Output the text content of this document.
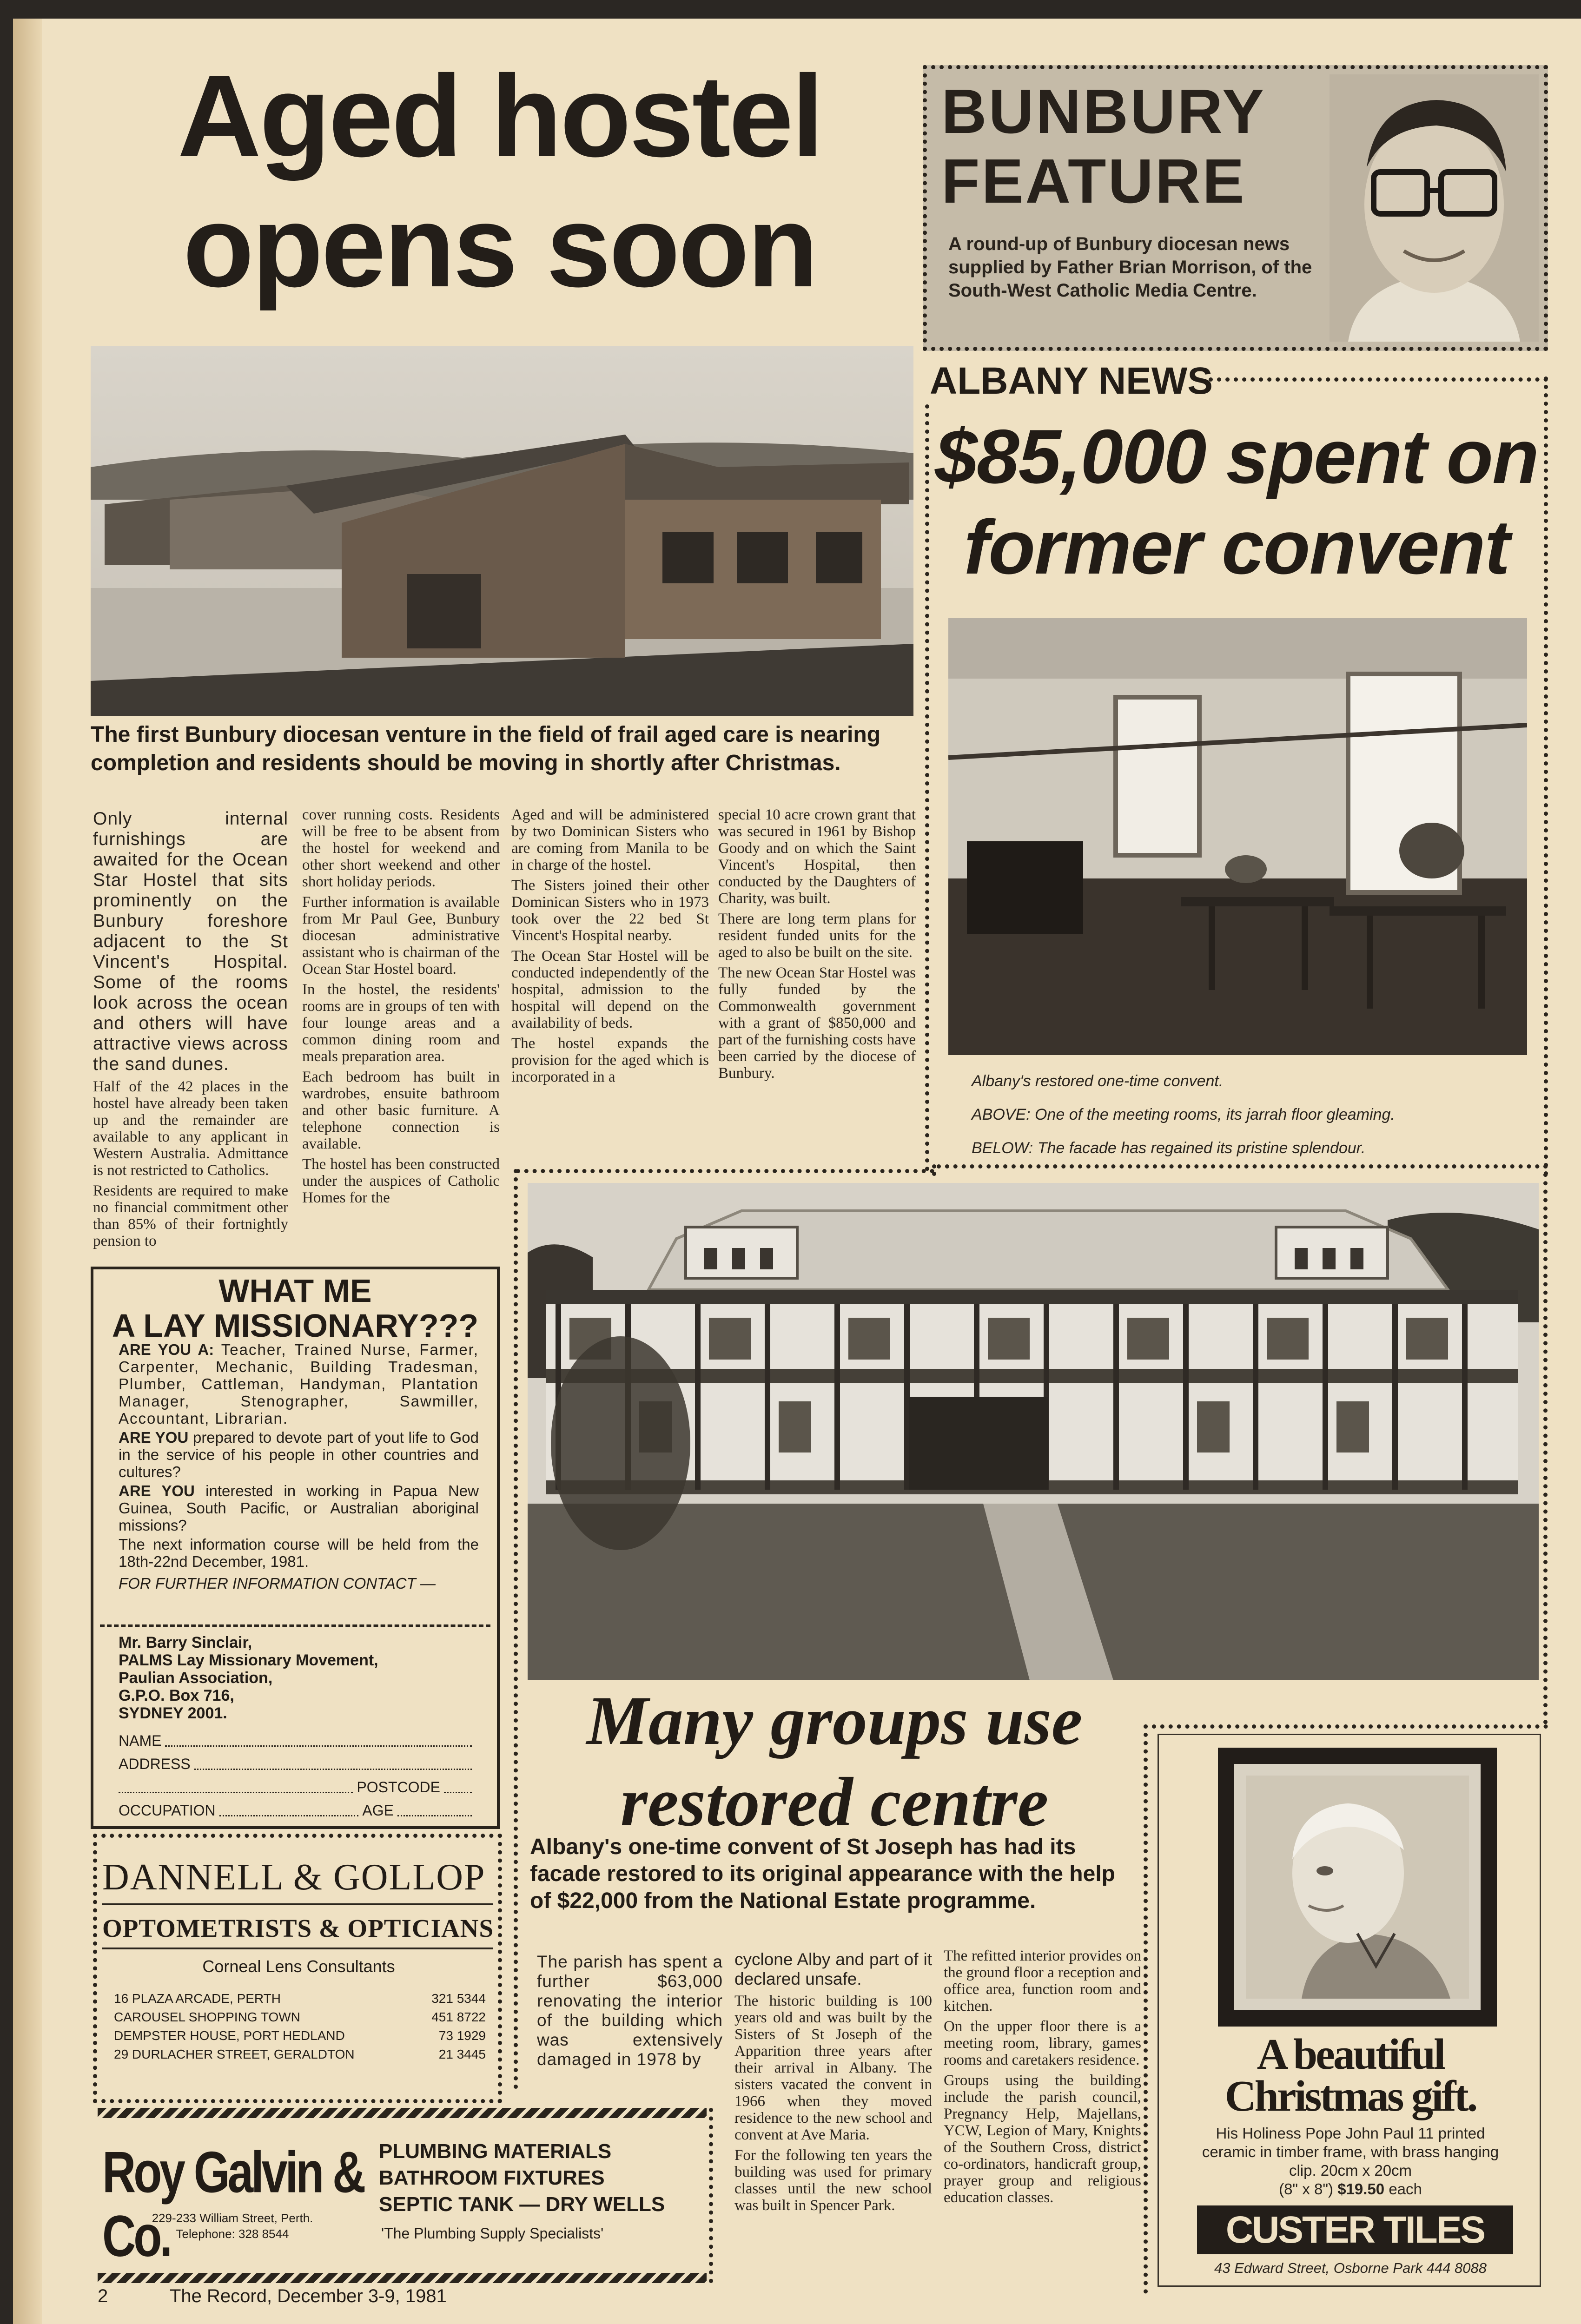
Aged hostel
opens soon
BUNBURY
FEATURE
A round-up of Bunbury diocesan news supplied by Father Brian Morrison, of the South-West Catholic Media Centre.
The first Bunbury diocesan venture in the field of frail aged care is nearing completion and residents should be moving in shortly after Christmas.

Only internal furnishings are awaited for the Ocean Star Hostel that sits prominently on the Bunbury foreshore adjacent to the St Vincent's Hospital. Some of the rooms look across the ocean and others will have attractive views across the sand dunes.

Half of the 42 places in the hostel have already been taken up and the remainder are available to any applicant in Western Australia. Admittance is not restricted to Catholics.

Residents are required to make no financial commitment other than 85% of their fortnightly pension to

cover running costs. Residents will be free to be absent from the hostel for weekend and other short weekend and other short holiday periods.

Further information is available from Mr Paul Gee, Bunbury diocesan administrative assistant who is chairman of the Ocean Star Hostel board.

In the hostel, the residents' rooms are in groups of ten with four lounge areas and a common dining room and meals preparation area.

Each bedroom has built in wardrobes, ensuite bathroom and other basic furniture. A telephone connection is available.

The hostel has been constructed under the auspices of Catholic Homes for the

Aged and will be administered by two Dominican Sisters who are coming from Manila to be in charge of the hostel.

The Sisters joined their other Dominican Sisters who in 1973 took over the 22 bed St Vincent's Hospital nearby.

The Ocean Star Hostel will be conducted independently of the hospital, admission to the hospital will depend on the availability of beds.

The hostel expands the provision for the aged which is incorporated in a

special 10 acre crown grant that was secured in 1961 by Bishop Goody and on which the Saint Vincent's Hospital, then conducted by the Daughters of Charity, was built.

There are long term plans for resident funded units for the aged to also be built on the site.

The new Ocean Star Hostel was fully funded by the Commonwealth government with a grant of $850,000 and part of the furnishing costs have been carried by the diocese of Bunbury.

ALBANY NEWS
$85,000 spent on
former convent
Albany's restored one-time convent.
ABOVE: One of the meeting rooms, its jarrah floor gleaming.
BELOW: The facade has regained its pristine splendour.
Many groups use
restored centre
Albany's one-time convent of St Joseph has had its facade restored to its original appearance with the help of $22,000 from the National Estate programme.

The parish has spent a further $63,000 renovating the interior of the building which was extensively damaged in 1978 by

cyclone Alby and part of it declared unsafe.

The historic building is 100 years old and was built by the Sisters of St Joseph of the Apparition three years after their arrival in Albany. The sisters vacated the convent in 1966 when they moved residence to the new school and convent at Ave Maria.

For the following ten years the building was used for primary classes until the new school was built in Spencer Park.

The refitted interior provides on the ground floor a reception and office area, function room and kitchen.

On the upper floor there is a meeting room, library, games rooms and caretakers residence.

Groups using the building include the parish council, Pregnancy Help, Majellans, YCW, Legion of Mary, Knights of the Southern Cross, district co-ordinators, handicraft group, prayer group and religious education classes.

WHAT ME
A LAY MISSIONARY???
ARE YOU A: Teacher, Trained Nurse, Farmer, Carpenter, Mechanic, Building Tradesman, Plumber, Cattleman, Handyman, Plantation Manager, Stenographer, Sawmiller, Accountant, Librarian.
ARE YOU prepared to devote part of yout life to God in the service of his people in other countries and cultures?
ARE YOU interested in working in Papua New Guinea, South Pacific, or Australian aboriginal missions?
The next information course will be held from the 18th-22nd December, 1981.
FOR FURTHER INFORMATION CONTACT —
Mr. Barry Sinclair,
PALMS Lay Missionary Movement,
Paulian Association,
G.P.O. Box 716,
SYDNEY 2001.
NAME
ADDRESS
POSTCODE
OCCUPATION	AGE
DANNELL & GOLLOP
OPTOMETRISTS & OPTICIANS
Corneal Lens Consultants
16 PLAZA ARCADE, PERTH	321 5344
CAROUSEL SHOPPING TOWN	451 8722
DEMPSTER HOUSE, PORT HEDLAND	73 1929
29 DURLACHER STREET, GERALDTON	21 3445
Roy Galvin & Co.
229-233 William Street, Perth.
Telephone: 328 8544
PLUMBING MATERIALS
BATHROOM FIXTURES
SEPTIC TANK — DRY WELLS
'The Plumbing Supply Specialists'
A beautiful
Christmas gift.
His Holiness Pope John Paul 11 printed ceramic in timber frame, with brass hanging clip. 20cm x 20cm
(8" x 8") $19.50 each
CUSTER TILES
43 Edward Street, Osborne Park 444 8088
2	The Record, December 3-9, 1981
